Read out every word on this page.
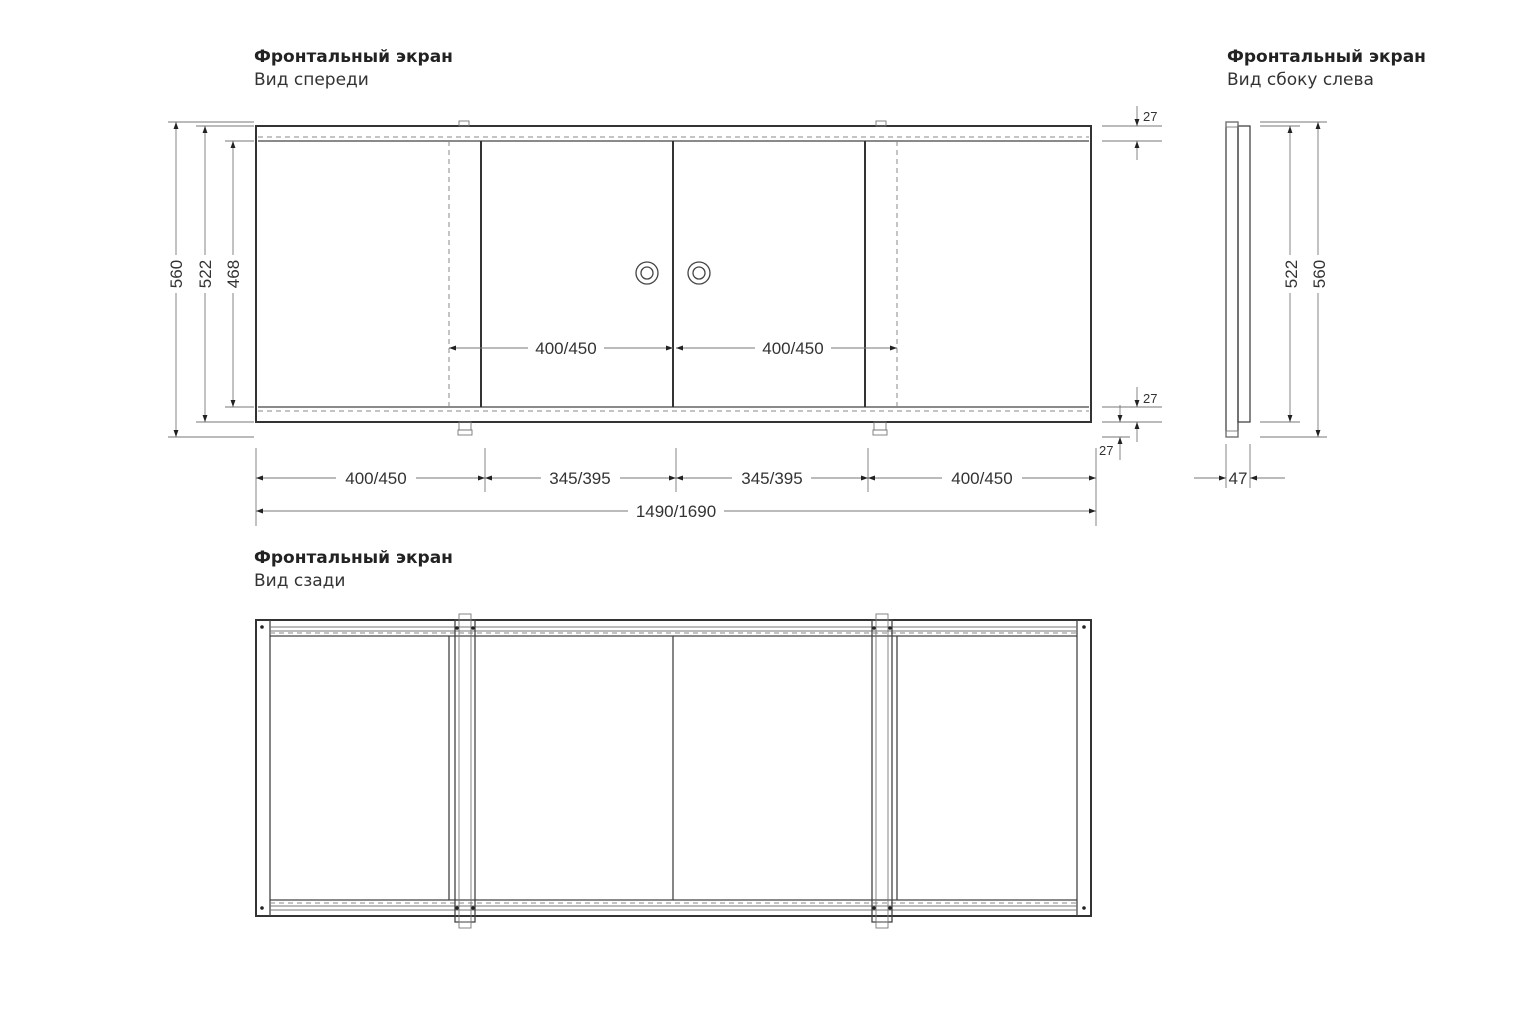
Фронтальный экран
Вид спереди
Фронтальный экран
Вид сбоку слева
Фронтальный экран
Вид сзади
400/450	400/450
560 522 468
27
27
27
400/450	345/395	345/395	400/450
1490/1690
522 560
47
